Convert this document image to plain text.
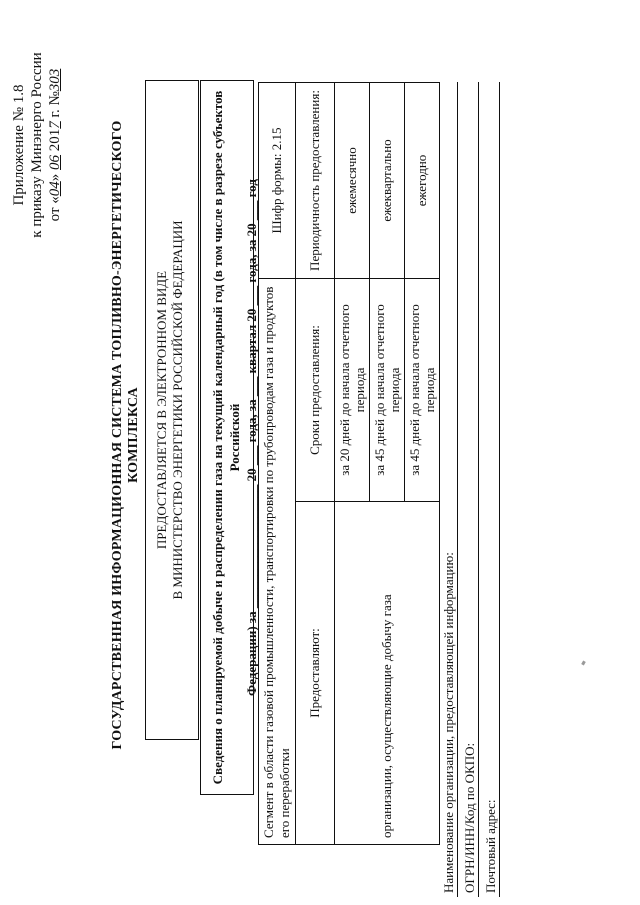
Приложение № 1.8 к приказу Минэнерго России от «04» 06 2017 г. №303
ГОСУДАРСТВЕННАЯ ИНФОРМАЦИОННАЯ СИСТЕМА ТОПЛИВНО-ЭНЕРГЕТИЧЕСКОГО КОМПЛЕКСА ПРЕДОСТАВЛЯЕТСЯ В ЭЛЕКТРОННОМ ВИДЕ В МИНИСТЕРСТВО ЭНЕРГЕТИКИ РОССИЙСКОЙ ФЕДЕРАЦИИ Сведения о планируемой добыче и распределении газа на текущий календарный год (в том числе в разрезе субъектов Российской Федерации) за ___________________ 20 ___ года, за ___ квартал 20 ___ года, за 20 ___ год Сегмент в области газовой промышленности, транспортировки по трубопроводам газа и продуктов его переработки		Шифр формы: 2.15
Предоставляют:	Сроки предоставления:	Периодичность предоставления:
организации, осуществляющие добычу газа	за 20 дней до начала отчетного периода	ежемесячно
	за 45 дней до начала отчетного периода	ежеквартально
	за 45 дней до начала отчетного периода	ежегодно
Наименование организации, предоставляющей информацию: ОГРН/ИНН/Код по ОКПО: Почтовый адрес:
